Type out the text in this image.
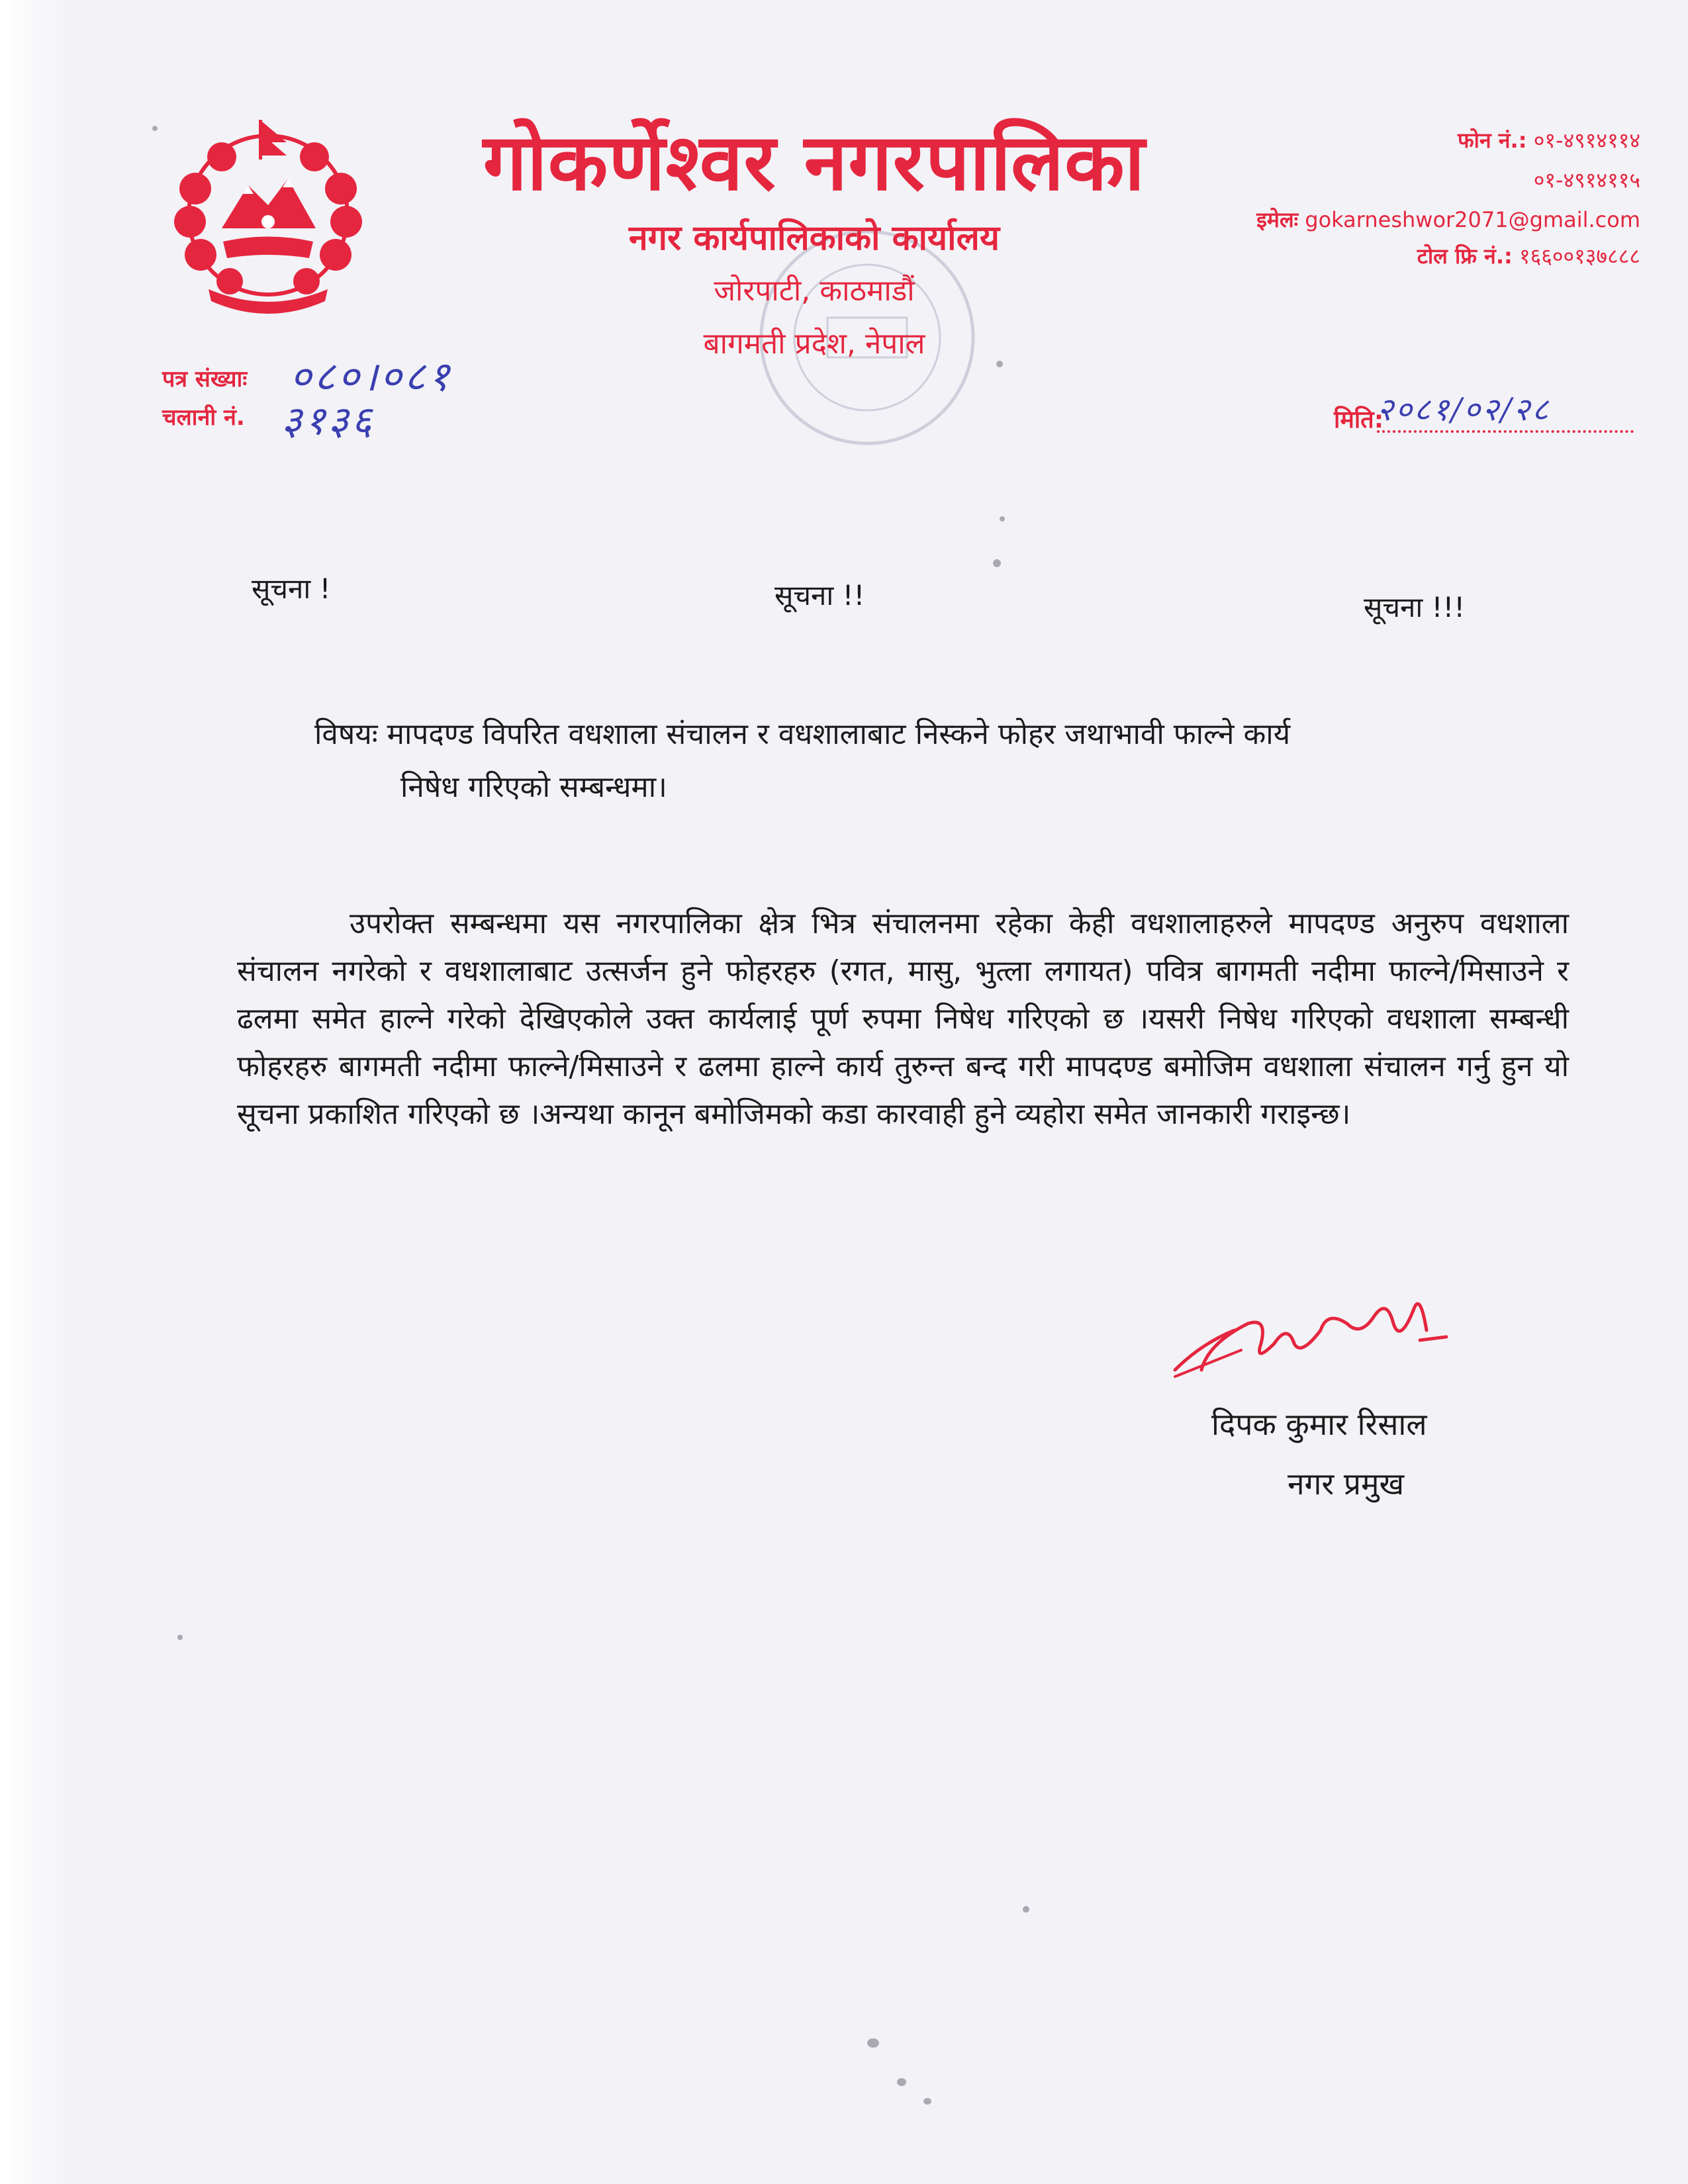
गोकर्णेश्वर नगरपालिका
नगर कार्यपालिकाको कार्यालय
जोरपाटी, काठमाडौं
बागमती प्रदेश, नेपाल
फोन नं.: ०१-४९१४११४
०१-४९१४११५
इमेलः gokarneshwor2071@gmail.com
टोल फ्रि नं.: १६६००१३७८८८
पत्र संख्याः ०८०।०८१
चलानी नं. ३१३६	मिति:
२०८१/०२/२८
सूचना !	सूचना !!	सूचना !!!
विषयः मापदण्ड विपरित वधशाला संचालन र वधशालाबाट निस्कने फोहर जथाभावी फाल्ने कार्य
निषेध गरिएको सम्बन्धमा।
उपरोक्त सम्बन्धमा यस नगरपालिका क्षेत्र भित्र संचालनमा रहेका केही वधशालाहरुले मापदण्ड अनुरुप वधशाला संचालन नगरेको र वधशालाबाट उत्सर्जन हुने फोहरहरु (रगत, मासु, भुत्ला लगायत) पवित्र बागमती नदीमा फाल्ने/मिसाउने र ढलमा समेत हाल्ने गरेको देखिएकोले उक्त कार्यलाई पूर्ण रुपमा निषेध गरिएको छ ।यसरी निषेध गरिएको वधशाला सम्बन्धी फोहरहरु बागमती नदीमा फाल्ने/मिसाउने र ढलमा हाल्ने कार्य तुरुन्त बन्द गरी मापदण्ड बमोजिम वधशाला संचालन गर्नु हुन यो सूचना प्रकाशित गरिएको छ ।अन्यथा कानून बमोजिमको कडा कारवाही हुने व्यहोरा समेत जानकारी गराइन्छ।
दिपक कुमार रिसाल
नगर प्रमुख
